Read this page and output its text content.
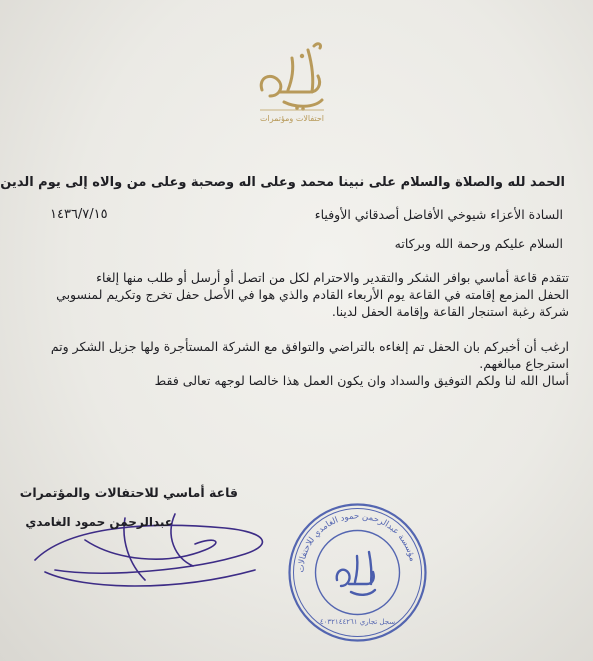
احتفالات ومؤتمرات
الحمد لله والصلاة والسلام على نبينا محمد وعلى اله وصحبة وعلى من والاه إلى يوم الدين
السادة الأعزاء شيوخي الأفاضل أصدقائي الأوفياء
١٤٣٦/٧/١٥
السلام عليكم ورحمة الله وبركاته
تتقدم قاعة أماسي بوافر الشكر والتقدير والاحترام لكل من اتصل أو أرسل أو طلب منها إلغاء
الحفل المزمع إقامته في القاعة يوم الأربعاء القادم والذي هوا في الأصل حفل تخرج وتكريم لمنسوبي
شركة رغبة استنجار القاعة وإقامة الحفل لدينا.
ارغب أن أخبركم بان الحفل تم إلغاءه بالتراضي والتوافق مع الشركة المستأجرة ولها جزيل الشكر وتم
استرجاع مبالغهم.
أسال الله لنا ولكم التوفيق والسداد وان يكون العمل هذا خالصا لوجهه تعالى فقط
قاعة أماسي للاحتفالات والمؤتمرات
عبدالرحمن حمود الغامدي
مؤسسة عبدالرحمن حمود الغامدي للاحتفالات
سجل تجاري ٤٠٣٢١٤٤٢٦١
